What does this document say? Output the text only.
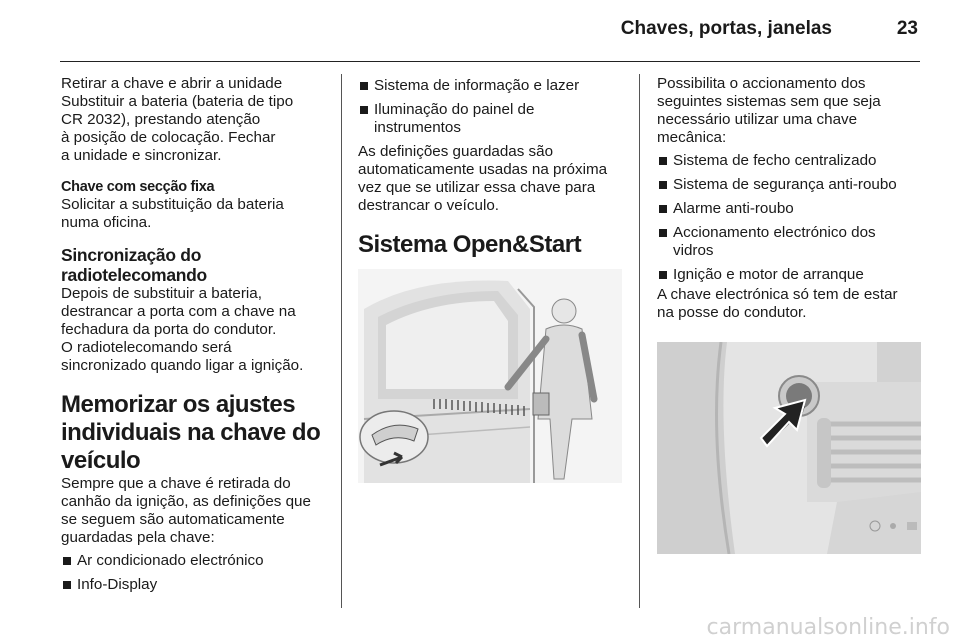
Chaves, portas, janelas	23

Retirar a chave e abrir a unidade
Substituir a bateria (bateria de tipo
CR 2032), prestando atenção
à posição de colocação. Fechar
a unidade e sincronizar.

Chave com secção fixa

Solicitar a substituição da bateria
numa oficina.

Sincronização do
radiotelecomando

Depois de substituir a bateria,
destrancar a porta com a chave na
fechadura da porta do condutor.
O radiotelecomando será
sincronizado quando ligar a ignição.

Memorizar os ajustes
individuais na chave do
veículo

Sempre que a chave é retirada do
canhão da ignição, as definições que
se seguem são automaticamente
guardadas pela chave:

Ar condicionado electrónico
Info-Display
Sistema de informação e lazer
Iluminação do painel de
instrumentos

As definições guardadas são
automaticamente usadas na próxima
vez que se utilizar essa chave para
destrancar o veículo.

Sistema Open&Start

Possibilita o accionamento dos
seguintes sistemas sem que seja
necessário utilizar uma chave
mecânica:

Sistema de fecho centralizado
Sistema de segurança anti-roubo
Alarme anti-roubo
Accionamento electrónico dos
vidros
Ignição e motor de arranque

A chave electrónica só tem de estar
na posse do condutor.

carmanualsonline.info
